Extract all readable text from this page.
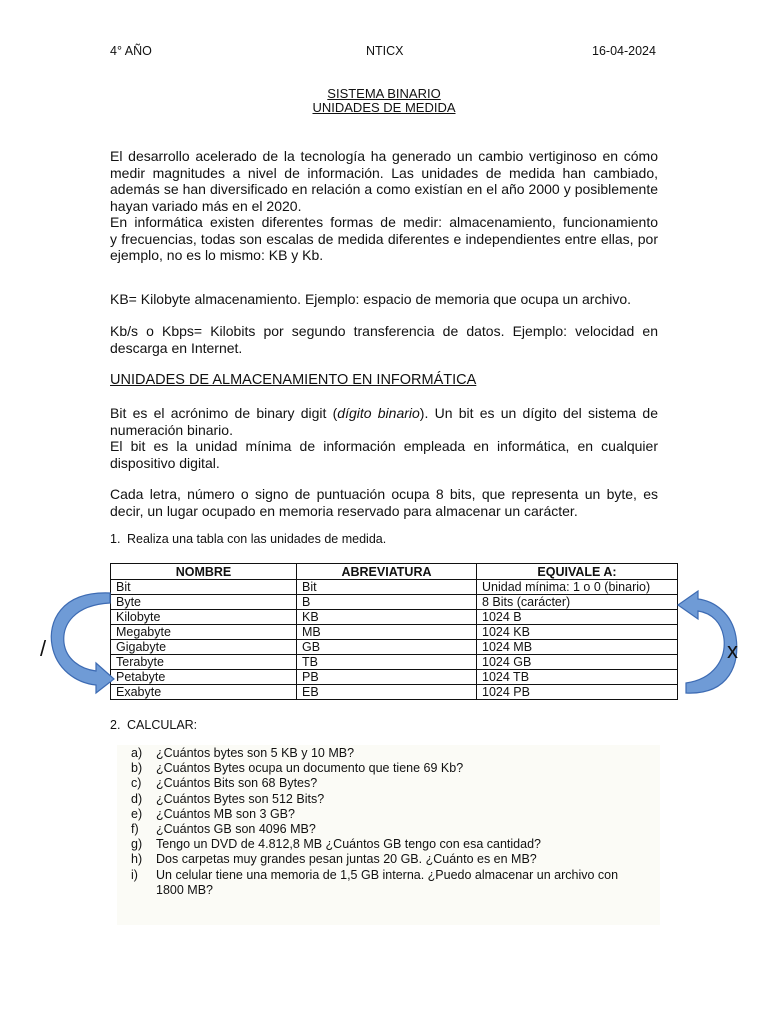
4° AÑO	NTICX	16-04-2024
SISTEMA BINARIO
UNIDADES DE MEDIDA
El desarrollo acelerado de la tecnología ha generado un cambio vertiginoso en cómo
medir magnitudes a nivel de información. Las unidades de medida han cambiado,
además se han diversificado en relación a como existían en el año 2000 y posiblemente
hayan variado más en el 2020.
En informática existen diferentes formas de medir: almacenamiento, funcionamiento
y frecuencias, todas son escalas de medida diferentes e independientes entre ellas, por
ejemplo, no es lo mismo: KB y Kb.
KB= Kilobyte almacenamiento. Ejemplo: espacio de memoria que ocupa un archivo.
Kb/s o Kbps= Kilobits por segundo transferencia de datos. Ejemplo: velocidad en
descarga en Internet.
UNIDADES DE ALMACENAMIENTO EN INFORMÁTICA
Bit es el acrónimo de binary digit (dígito binario). Un bit es un dígito del sistema de
numeración binario.
El bit es la unidad mínima de información empleada en informática, en cualquier
dispositivo digital.
Cada letra, número o signo de puntuación ocupa 8 bits, que representa un byte, es
decir, un lugar ocupado en memoria reservado para almacenar un carácter.
1. Realiza una tabla con las unidades de medida.
NOMBRE	ABREVIATURA	EQUIVALE A:
Bit	Bit	Unidad mínima: 1 o 0 (binario)
Byte	B	8 Bits (carácter)
Kilobyte	KB	1024 B
Megabyte	MB	1024 KB
Gigabyte	GB	1024 MB
Terabyte	TB	1024 GB
Petabyte	PB	1024 TB
Exabyte	EB	1024 PB
/	x
2. CALCULAR:
a)	¿Cuántos bytes son 5 KB y 10 MB?
b)	¿Cuántos Bytes ocupa un documento que tiene 69 Kb?
c)	¿Cuántos Bits son 68 Bytes?
d)	¿Cuántos Bytes son 512 Bits?
e)	¿Cuántos MB son 3 GB?
f)	¿Cuántos GB son 4096 MB?
g)	Tengo un DVD de 4.812,8 MB ¿Cuántos GB tengo con esa cantidad?
h)	Dos carpetas muy grandes pesan juntas 20 GB. ¿Cuánto es en MB?
i)	Un celular tiene una memoria de 1,5 GB interna. ¿Puedo almacenar un archivo con
1800 MB?
